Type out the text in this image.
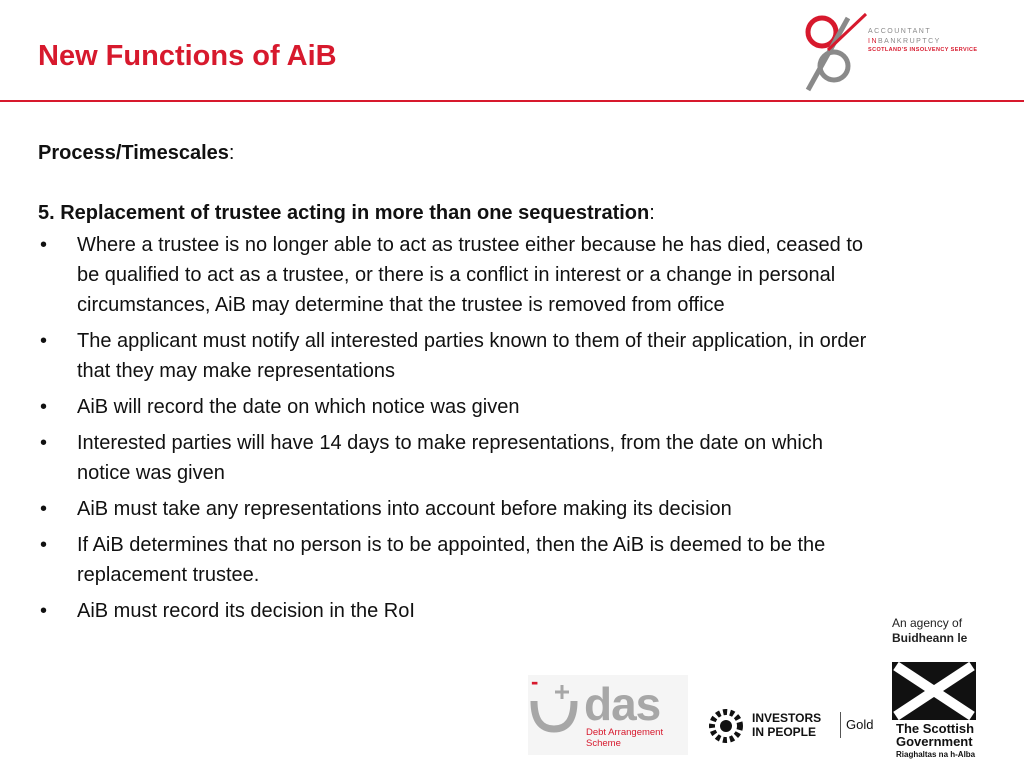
New Functions of AiB
ACCOUNTANT
INBANKRUPTCY
SCOTLAND'S INSOLVENCY SERVICE
Process/Timescales:
5. Replacement of trustee acting in more than one sequestration:
• Where a trustee is no longer able to act as trustee either because he has died, ceased to be qualified to act as a trustee, or there is a conflict in interest or a change in personal circumstances, AiB may determine that the trustee is removed from office
• The applicant must notify all interested parties known to them of their application, in order that they may make representations
• AiB will record the date on which notice was given
• Interested parties will have 14 days to make representations, from the date on which notice was given
• AiB must take any representations into account before making its decision
• If AiB determines that no person is to be appointed, then the AiB is deemed to be the replacement trustee.
• AiB must record its decision in the RoI
- das
Debt Arrangement
Scheme
INVESTORS
IN PEOPLE	Gold
An agency of
Buidheann le
The Scottish
Government
Riaghaltas na h-Alba
